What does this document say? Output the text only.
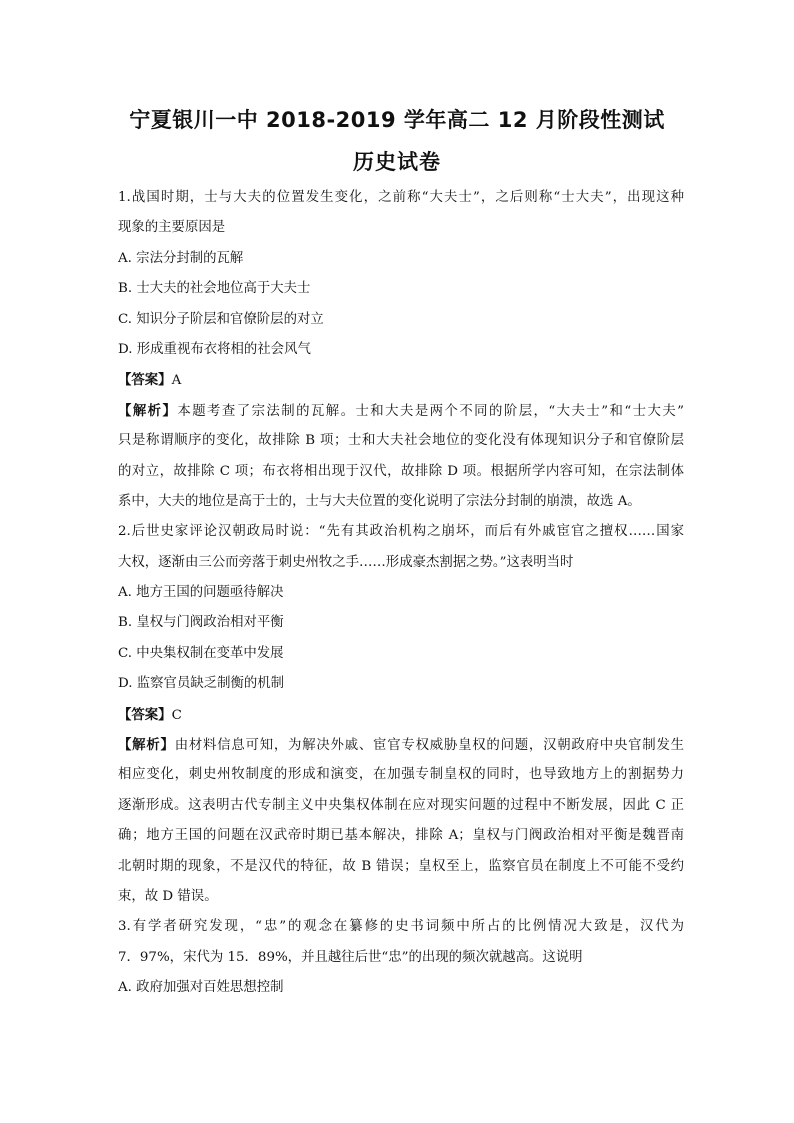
宁夏银川一中 2018-2019 学年高二 12 月阶段性测试
历史试卷
1.战国时期，士与大夫的位置发生变化，之前称“大夫士”，之后则称“士大夫”，出现这种
现象的主要原因是
A. 宗法分封制的瓦解
B. 士大夫的社会地位高于大夫士
C. 知识分子阶层和官僚阶层的对立
D. 形成重视布衣将相的社会风气
【答案】A
【解析】本题考查了宗法制的瓦解。士和大夫是两个不同的阶层，“大夫士”和“士大夫”
只是称谓顺序的变化，故排除 B 项；士和大夫社会地位的变化没有体现知识分子和官僚阶层
的对立，故排除 C 项；布衣将相出现于汉代，故排除 D 项。根据所学内容可知，在宗法制体
系中，大夫的地位是高于士的，士与大夫位置的变化说明了宗法分封制的崩溃，故选 A。
2.后世史家评论汉朝政局时说：“先有其政治机构之崩坏，而后有外戚宦官之擅权……国家
大权，逐渐由三公而旁落于刺史州牧之手……形成豪杰割据之势。”这表明当时
A. 地方王国的问题亟待解决
B. 皇权与门阀政治相对平衡
C. 中央集权制在变革中发展
D. 监察官员缺乏制衡的机制
【答案】C
【解析】由材料信息可知，为解决外戚、宦官专权威胁皇权的问题，汉朝政府中央官制发生
相应变化，刺史州牧制度的形成和演变，在加强专制皇权的同时，也导致地方上的割据势力
逐渐形成。这表明古代专制主义中央集权体制在应对现实问题的过程中不断发展，因此 C 正
确；地方王国的问题在汉武帝时期已基本解决，排除 A；皇权与门阀政治相对平衡是魏晋南
北朝时期的现象，不是汉代的特征，故 B 错误；皇权至上，监察官员在制度上不可能不受约
束，故 D 错误。
3.有学者研究发现，“忠”的观念在纂修的史书词频中所占的比例情况大致是，汉代为
7．97%，宋代为 15．89%，并且越往后世“忠”的出现的频次就越高。这说明
A. 政府加强对百姓思想控制
